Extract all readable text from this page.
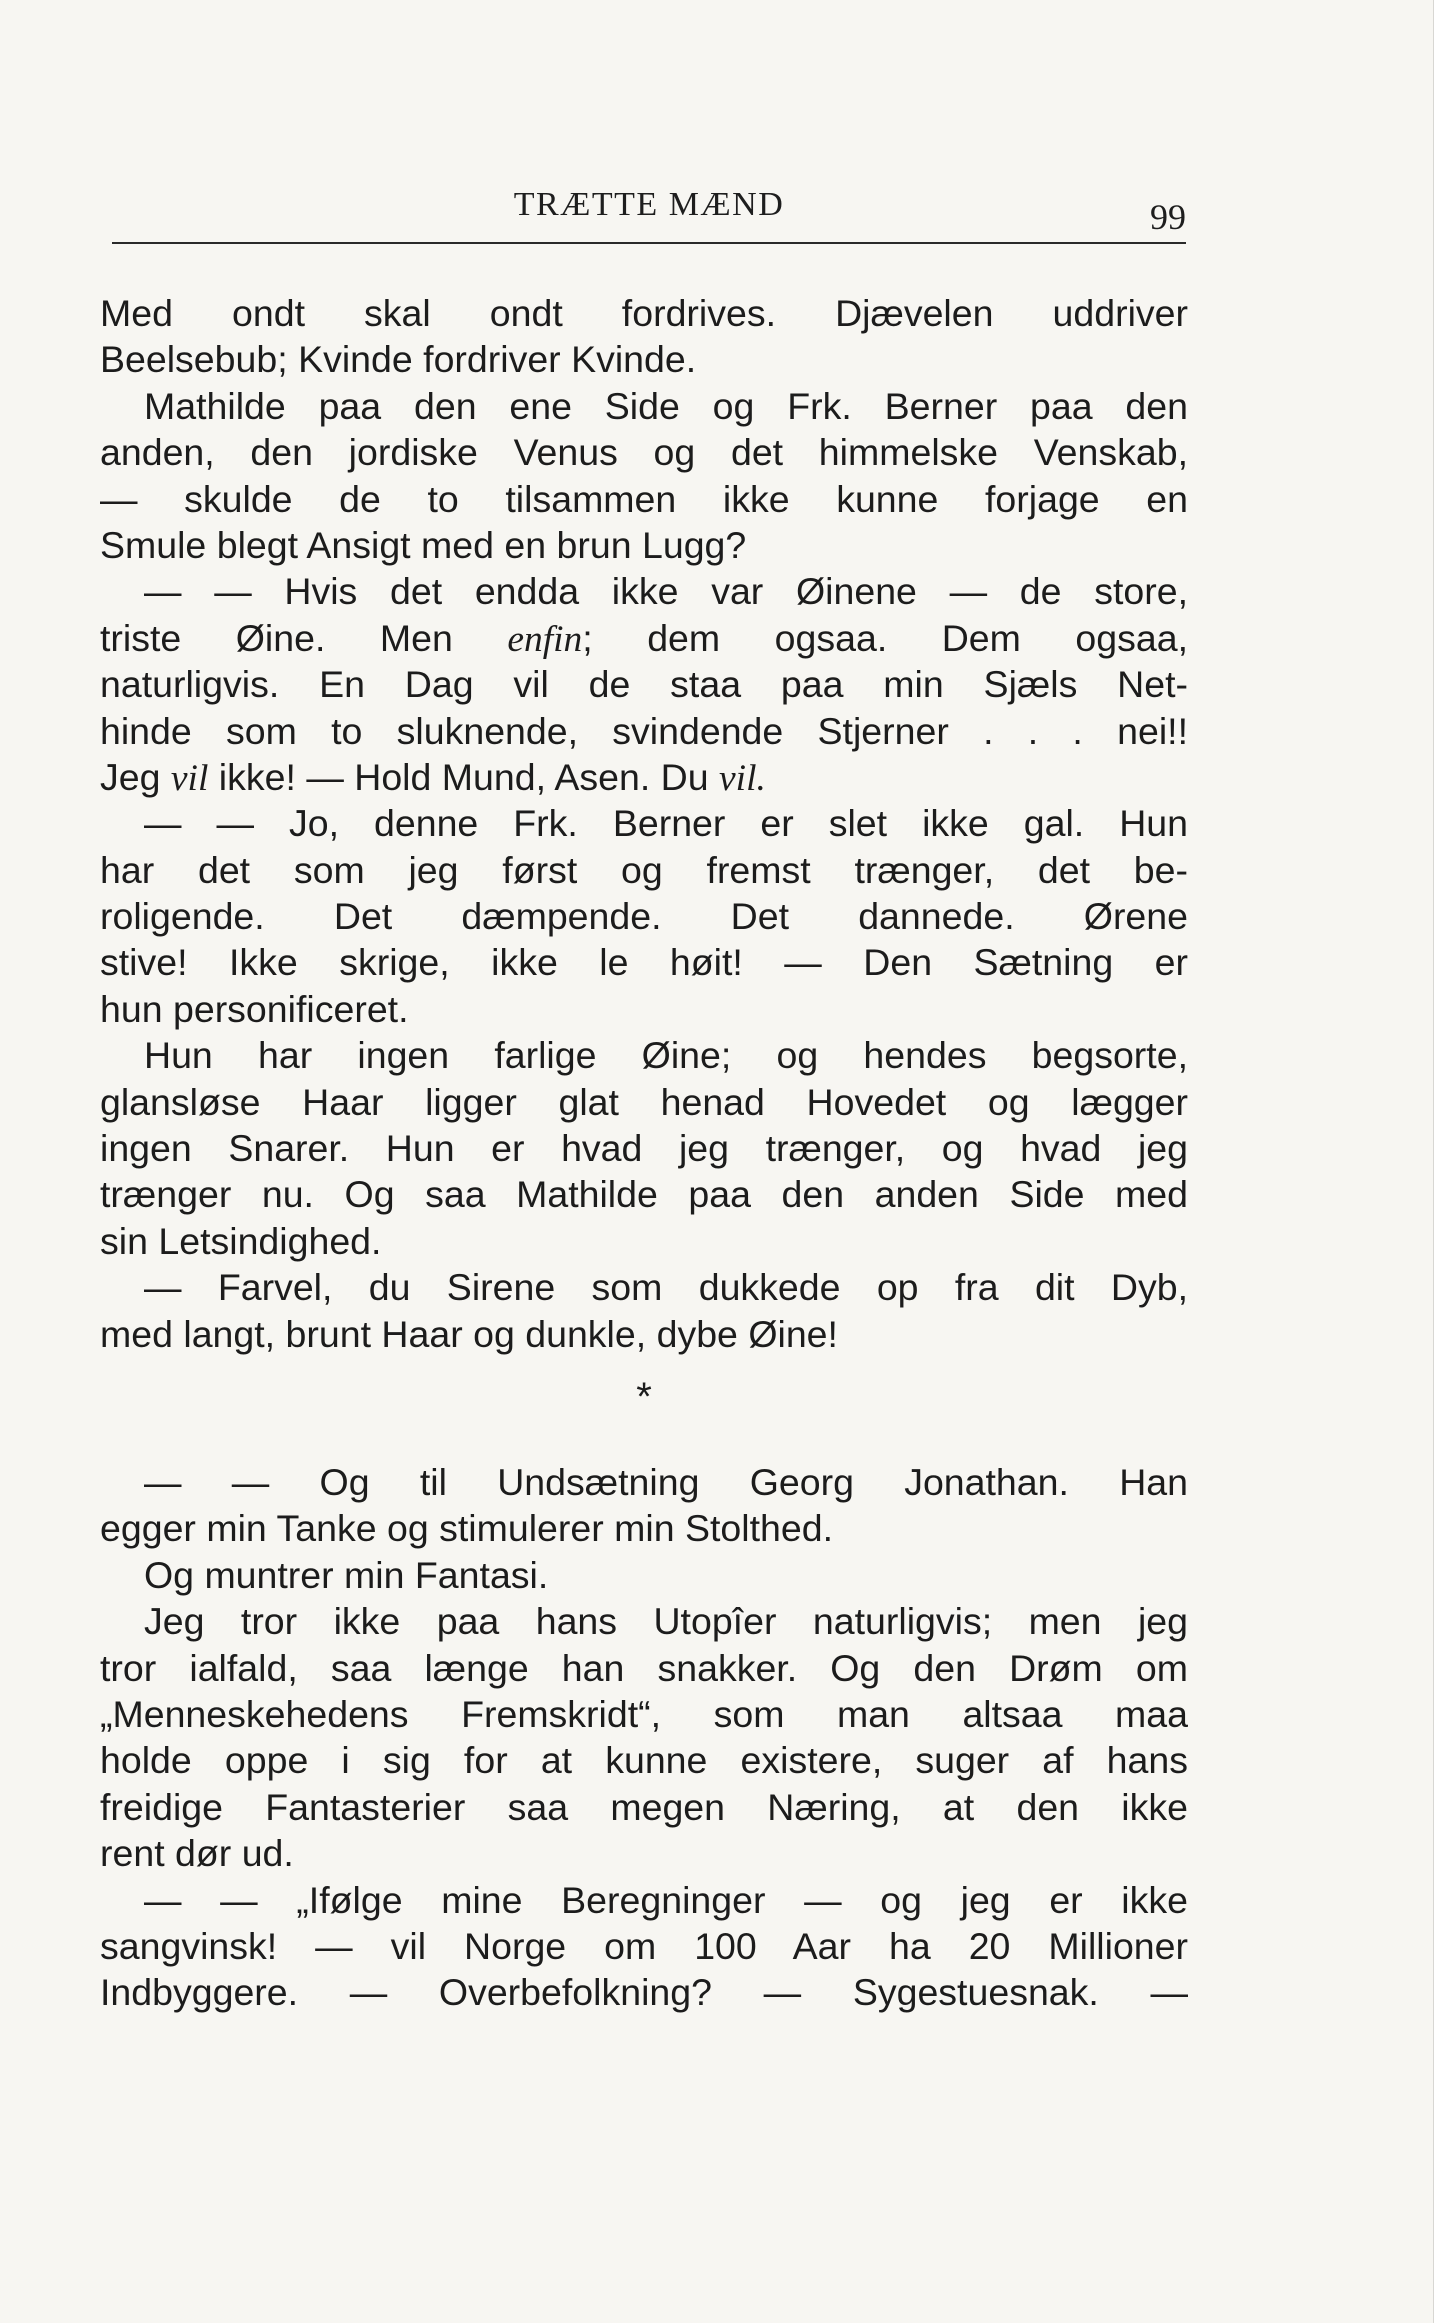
TRÆTTE MÆND	99
Med ondt skal ondt fordrives. Djævelen uddriver
Beelsebub; Kvinde fordriver Kvinde.
Mathilde paa den ene Side og Frk. Berner paa den
anden, den jordiske Venus og det himmelske Venskab,
— skulde de to tilsammen ikke kunne forjage en
Smule blegt Ansigt med en brun Lugg?
— — Hvis det endda ikke var Øinene — de store,
triste Øine. Men enfin; dem ogsaa. Dem ogsaa,
naturligvis. En Dag vil de staa paa min Sjæls Net-
hinde som to sluknende, svindende Stjerner . . . nei!!
Jeg vil ikke! — Hold Mund, Asen. Du vil.
— — Jo, denne Frk. Berner er slet ikke gal. Hun
har det som jeg først og fremst trænger, det be-
roligende. Det dæmpende. Det dannede. Ørene
stive! Ikke skrige, ikke le høit! — Den Sætning er
hun personificeret.
Hun har ingen farlige Øine; og hendes begsorte,
glansløse Haar ligger glat henad Hovedet og lægger
ingen Snarer. Hun er hvad jeg trænger, og hvad jeg
trænger nu. Og saa Mathilde paa den anden Side med
sin Letsindighed.
— Farvel, du Sirene som dukkede op fra dit Dyb,
med langt, brunt Haar og dunkle, dybe Øine!
*
— — Og til Undsætning Georg Jonathan. Han
egger min Tanke og stimulerer min Stolthed.
Og muntrer min Fantasi.
Jeg tror ikke paa hans Utopîer naturligvis; men jeg
tror ialfald, saa længe han snakker. Og den Drøm om
„Menneskehedens Fremskridt“, som man altsaa maa
holde oppe i sig for at kunne existere, suger af hans
freidige Fantasterier saa megen Næring, at den ikke
rent dør ud.
— — „Ifølge mine Beregninger — og jeg er ikke
sangvinsk! — vil Norge om 100 Aar ha 20 Millioner
Indbyggere. — Overbefolkning? — Sygestuesnak. —
